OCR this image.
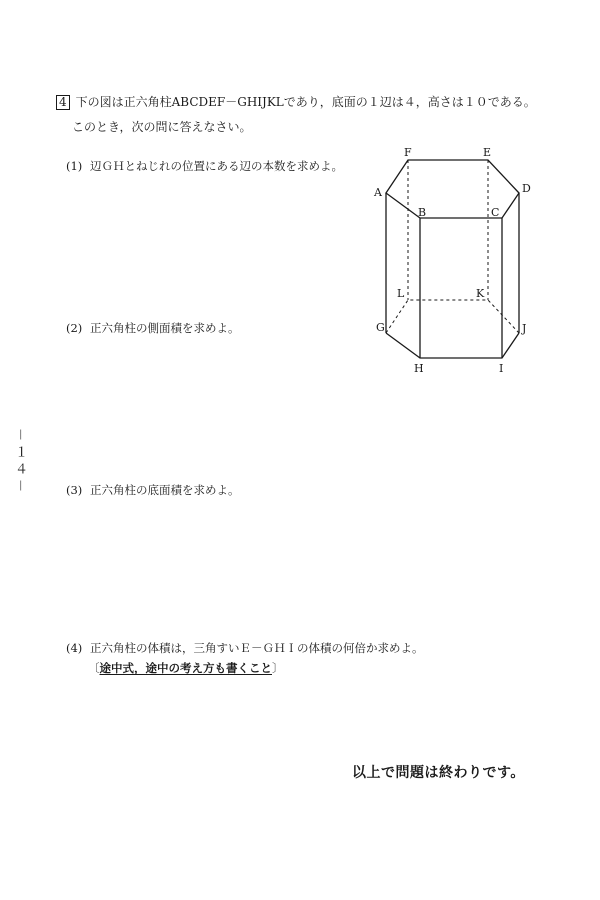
4 下の図は正六角柱ABCDEF－GHIJKLであり，底面の１辺は４，高さは１０である。
このとき，次の問に答えなさい。
(1) 辺ＧＨとねじれの位置にある辺の本数を求めよ。
(2) 正六角柱の側面積を求めよ。
(3) 正六角柱の底面積を求めよ。
(4) 正六角柱の体積は，三角すいＥ－ＧＨＩの体積の何倍か求めよ。
〔途中式，途中の考え方も書くこと〕
F	E
A	D
B	C
L	K
G	J
H	I
以上で問題は終わりです。
－１４－
